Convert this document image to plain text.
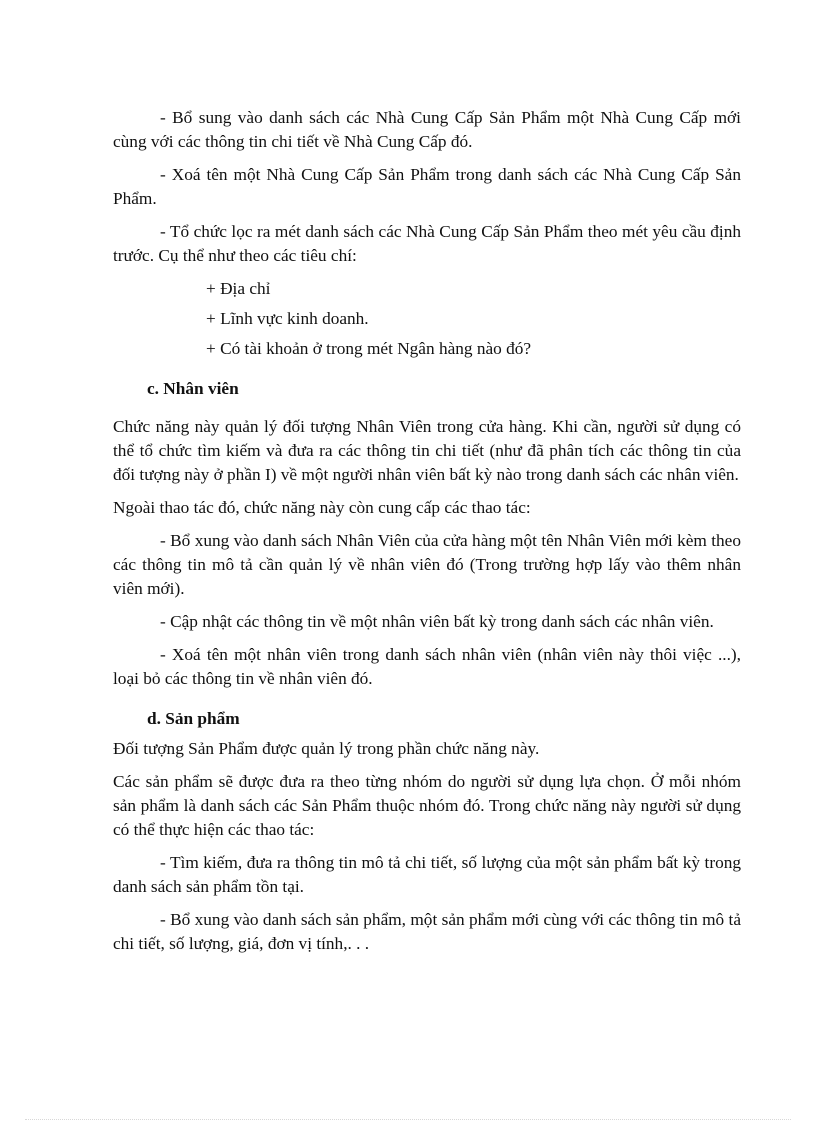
- Bổ sung vào danh sách các Nhà Cung Cấp Sản Phẩm một Nhà Cung Cấp mới cùng với các thông tin chi tiết về Nhà Cung Cấp đó.

- Xoá tên một Nhà Cung Cấp Sản Phẩm trong danh sách các Nhà Cung Cấp Sản Phẩm.

- Tổ chức lọc ra mét danh sách các Nhà Cung Cấp Sản Phẩm theo mét yêu cầu định trước. Cụ thể như theo các tiêu chí:

+ Địa chỉ

+ Lĩnh vực kinh doanh.

+ Có tài khoản ở trong mét Ngân hàng nào đó?

c. Nhân viên

Chức năng này quản lý đối tượng Nhân Viên trong cửa hàng. Khi cần, người sử dụng có thể tổ chức tìm kiếm và đưa ra các thông tin chi tiết (như đã phân tích các thông tin của đối tượng này ở phần I) về một người nhân viên bất kỳ nào trong danh sách các nhân viên.

Ngoài thao tác đó, chức năng này còn cung cấp các thao tác:

- Bổ xung vào danh sách Nhân Viên của cửa hàng một tên Nhân Viên mới kèm theo các thông tin mô tả cần quản lý về nhân viên đó (Trong trường hợp lấy vào thêm nhân viên mới).

- Cập nhật các thông tin về một nhân viên bất kỳ trong danh sách các nhân viên.

- Xoá tên một nhân viên trong danh sách nhân viên (nhân viên này thôi việc ...), loại bỏ các thông tin về nhân viên đó.

d. Sản phẩm

Đối tượng Sản Phẩm được quản lý trong phần chức năng này.

Các sản phẩm sẽ được đưa ra theo từng nhóm do người sử dụng lựa chọn. Ở mỗi nhóm sản phẩm là danh sách các Sản Phẩm thuộc nhóm đó. Trong chức năng này người sử dụng có thể thực hiện các thao tác:

- Tìm kiếm, đưa ra thông tin mô tả chi tiết, số lượng của một sản phẩm bất kỳ trong danh sách sản phẩm tồn tại.

- Bổ xung vào danh sách sản phẩm, một sản phẩm mới cùng với các thông tin mô tả chi tiết, số lượng, giá, đơn vị tính,. . .
